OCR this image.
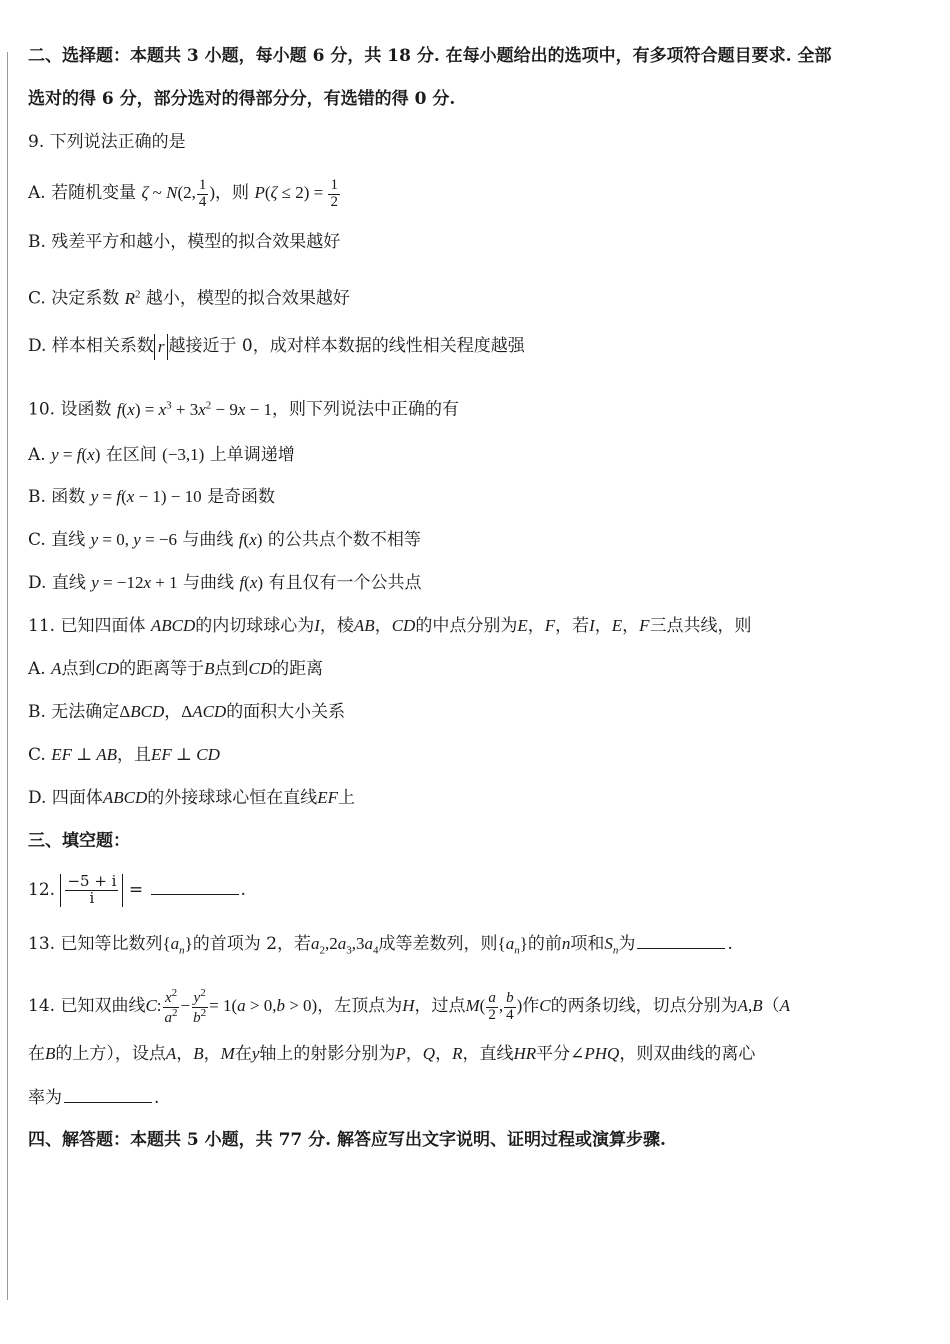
二、选择题：本题共 3 小题，每小题 6 分，共 18 分. 在每小题给出的选项中，有多项符合题目要求. 全部
选对的得 6 分，部分选对的得部分分，有选错的得 0 分.
9. 下列说法正确的是
A. 若随机变量 ζ ~ N(2, $\frac{1}{4}$ )，则 $P(\zeta \le 2) = \frac{1}{2}$
B. 残差平方和越小，模型的拟合效果越好
C. 决定系数 $R^2$ 越小，模型的拟合效果越好
D. 样本相关系数 r 越接近于 0，成对样本数据的线性相关程度越强
10. 设函数 $f(x) = x^3 + 3x^2 - 9x - 1$，则下列说法中正确的有
A. y = f(x) 在区间 (−3,1) 上单调递增
B. 函数 y = f(x − 1) − 10 是奇函数
C. 直线 y = 0, y = −6 与曲线 f(x) 的公共点个数不相等
D. 直线 y = −12x + 1 与曲线 f(x) 有且仅有一个公共点
11. 已知四面体 ABCD的内切球球心为I，棱AB，CD的中点分别为E，F，若I，E，F三点共线，则
A. A点到CD的距离等于B点到CD的距离
B. 无法确定ΔBCD，ΔACD的面积大小关系
C. EF ⊥ AB，且EF ⊥ CD
D. 四面体ABCD的外接球球心恒在直线EF上
三、填空题：
12. $\frac{-5 + i}{i}$ =	.
13. 已知等比数列$\{a_n\}$的首项为 2，若$a_2,2a_3,3a_4$成等差数列，则$\{a_n\}$的前n项和$S_n$为	.
14. 已知双曲线C: $\frac{x^2}{a^2} - \frac{y^2}{b^2} = 1(a > 0,b > 0)$，左顶点为H，过点$M( \frac{a}{2}$ , $\frac{b}{4}$ )作C的两条切线，切点分别为A,B（A
在B的上方），设点A，B，M在y轴上的射影分别为P，Q，R，直线HR平分∠PHQ，则双曲线的离心
率为	.
四、解答题：本题共 5 小题，共 77 分. 解答应写出文字说明、证明过程或演算步骤.
